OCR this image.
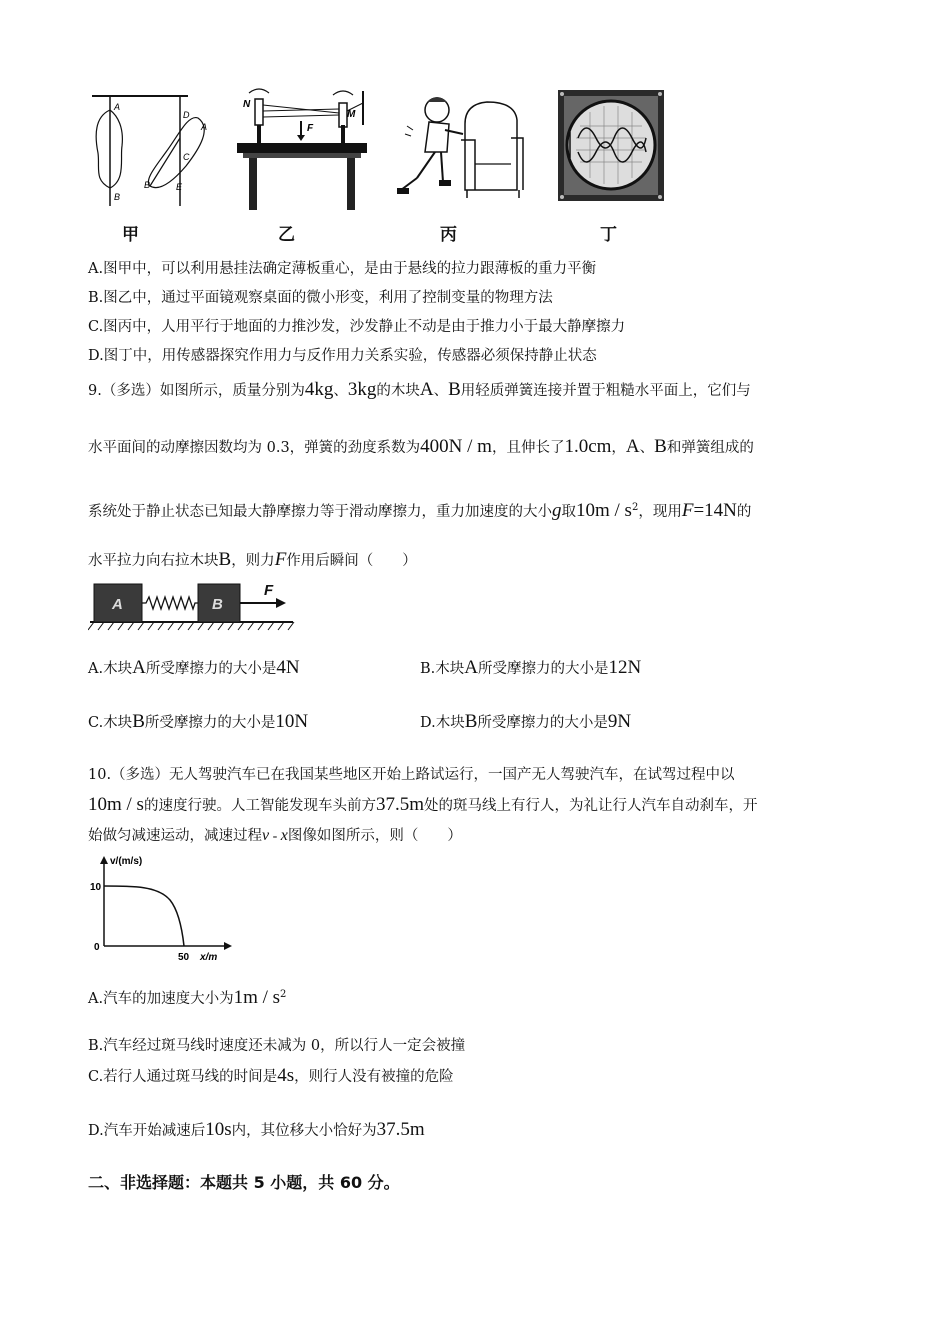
A
B
D
A
C
B	E
N
M
F
甲	乙	丙	丁
A.图甲中，可以利用悬挂法确定薄板重心，是由于悬线的拉力跟薄板的重力平衡
B.图乙中，通过平面镜观察桌面的微小形变，利用了控制变量的物理方法
C.图丙中，人用平行于地面的力推沙发，沙发静止不动是由于推力小于最大静摩擦力
D.图丁中，用传感器探究作用力与反作用力关系实验，传感器必须保持静止状态
9.（多选）如图所示，质量分别为4kg、3kg的木块A、B用轻质弹簧连接并置于粗糙水平面上，它们与
水平面间的动摩擦因数均为 0.3，弹簧的劲度系数为400N / m，且伸长了1.0cm，A、B和弹簧组成的
系统处于静止状态已知最大静摩擦力等于滑动摩擦力，重力加速度的大小g取$10m / s^2$，现用F=14N的
水平拉力向右拉木块B，则力F作用后瞬间（　　）
A	B
F
A.木块A所受摩擦力的大小是4N	B.木块A所受摩擦力的大小是12N
C.木块B所受摩擦力的大小是10N	D.木块B所受摩擦力的大小是9N
10.（多选）无人驾驶汽车已在我国某些地区开始上路试运行，一国产无人驾驶汽车，在试驾过程中以
10m / s的速度行驶。人工智能发现车头前方37.5m处的斑马线上有行人，为礼让行人汽车自动刹车，开
始做匀减速运动，减速过程v - x图像如图所示，则（　　）
v/(m/s)
10
0
50 x/m
A.汽车的加速度大小为$1m / s^2$
B.汽车经过斑马线时速度还未减为 0，所以行人一定会被撞
C.若行人通过斑马线的时间是4s，则行人没有被撞的危险
D.汽车开始减速后10s内，其位移大小恰好为37.5m
二、非选择题：本题共 5 小题，共 60 分。
